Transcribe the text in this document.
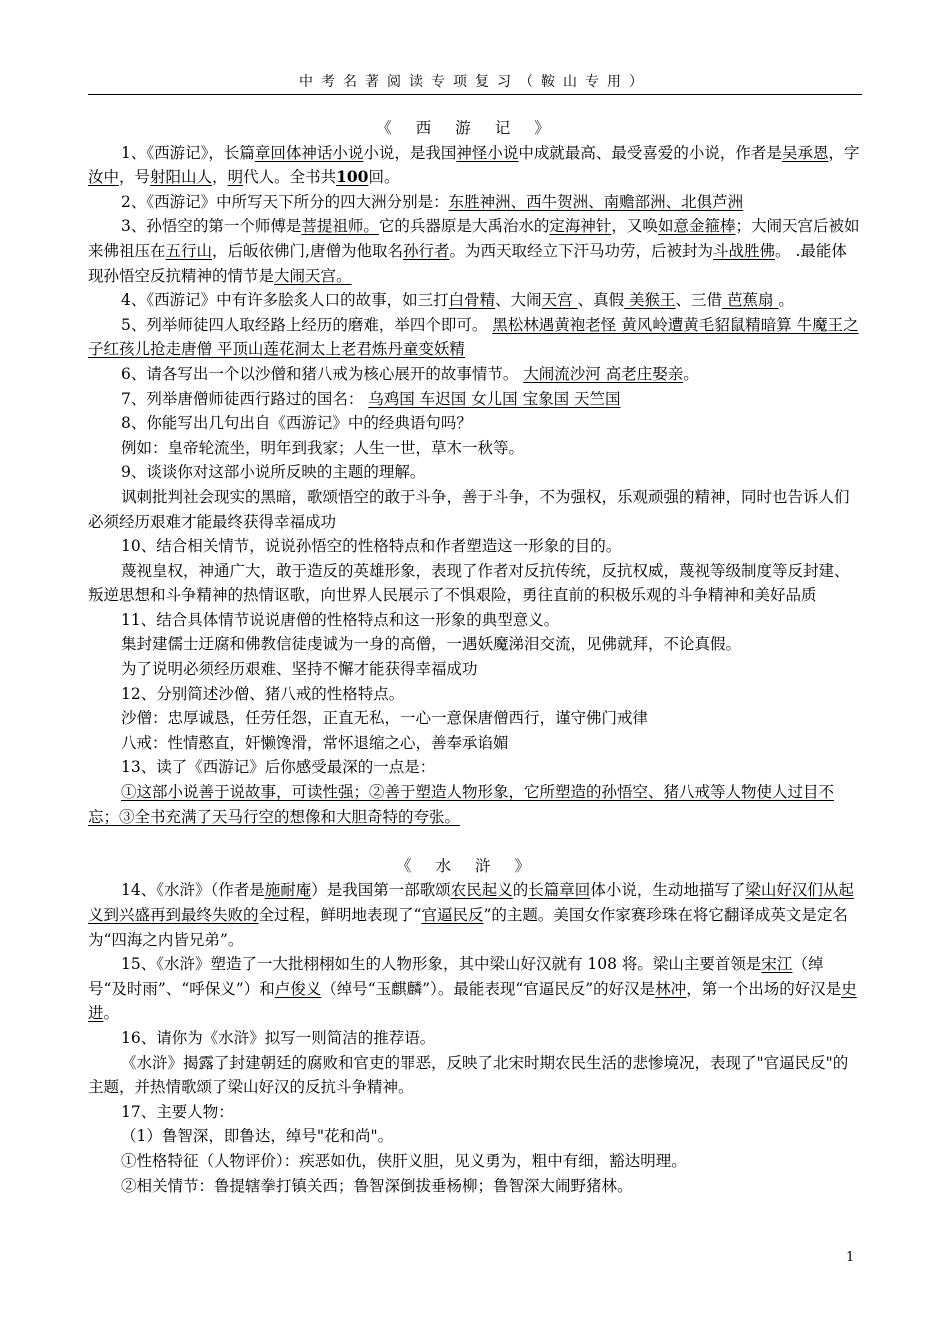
中考名著阅读专项复习（鞍山专用）

《西游记》

1、《西游记》，长篇章回体神话小说小说，是我国神怪小说中成就最高、最受喜爱的小说，作者是吴承恩，字汝中，号射阳山人，明代人。全书共100回。

2、《西游记》中所写天下所分的四大洲分别是：东胜神洲、西牛贺洲、南赡部洲、北俱芦洲

3、孙悟空的第一个师傅是菩提祖师。它的兵器原是大禹治水的定海神针，又唤如意金箍棒；大闹天宫后被如来佛祖压在五行山，后皈依佛门,唐僧为他取名孙行者。为西天取经立下汗马功劳，后被封为斗战胜佛。 .最能体现孙悟空反抗精神的情节是大闹天宫。

4、《西游记》中有许多脍炙人口的故事，如三打白骨精、大闹天宫 、真假 美猴王、三借 芭蕉扇 。

5、列举师徒四人取经路上经历的磨难，举四个即可。 黑松林遇黄袍老怪 黄风岭遭黄毛貂鼠精暗算 牛魔王之子红孩儿抢走唐僧 平顶山莲花洞太上老君炼丹童变妖精

6、请各写出一个以沙僧和猪八戒为核心展开的故事情节。 大闹流沙河 高老庄娶亲。

7、列举唐僧师徒西行路过的国名： 乌鸡国 车迟国 女儿国 宝象国 天竺国

8、你能写出几句出自《西游记》中的经典语句吗？

例如：皇帝轮流坐，明年到我家；人生一世，草木一秋等。

9、谈谈你对这部小说所反映的主题的理解。

讽刺批判社会现实的黑暗，歌颂悟空的敢于斗争，善于斗争，不为强权，乐观顽强的精神，同时也告诉人们必须经历艰难才能最终获得幸福成功

10、结合相关情节，说说孙悟空的性格特点和作者塑造这一形象的目的。

蔑视皇权，神通广大，敢于造反的英雄形象，表现了作者对反抗传统，反抗权威，蔑视等级制度等反封建、叛逆思想和斗争精神的热情讴歌，向世界人民展示了不惧艰险，勇往直前的积极乐观的斗争精神和美好品质

11、结合具体情节说说唐僧的性格特点和这一形象的典型意义。

集封建儒士迂腐和佛教信徒虔诚为一身的高僧，一遇妖魔涕泪交流，见佛就拜，不论真假。

为了说明必须经历艰难、坚持不懈才能获得幸福成功

12、分别简述沙僧、猪八戒的性格特点。

沙僧：忠厚诚恳，任劳任怨，正直无私，一心一意保唐僧西行，谨守佛门戒律

八戒：性情憨直，奸懒馋滑，常怀退缩之心，善奉承谄媚

13、读了《西游记》后你感受最深的一点是：

①这部小说善于说故事，可读性强；②善于塑造人物形象，它所塑造的孙悟空、猪八戒等人物使人过目不忘；③全书充满了天马行空的想像和大胆奇特的夸张。

《水浒》

14、《水浒》（作者是施耐庵）是我国第一部歌颂农民起义的长篇章回体小说，生动地描写了梁山好汉们从起义到兴盛再到最终失败的全过程，鲜明地表现了“官逼民反”的主题。美国女作家赛珍珠在将它翻译成英文是定名为“四海之内皆兄弟”。

15、《水浒》塑造了一大批栩栩如生的人物形象，其中梁山好汉就有 108 将。梁山主要首领是宋江（绰号“及时雨”、“呼保义”）和卢俊义（绰号“玉麒麟”）。最能表现“官逼民反”的好汉是林冲，第一个出场的好汉是史进。

16、请你为《水浒》拟写一则简洁的推荐语。

《水浒》揭露了封建朝廷的腐败和官吏的罪恶，反映了北宋时期农民生活的悲惨境况，表现了"官逼民反"的主题，并热情歌颂了梁山好汉的反抗斗争精神。

17、主要人物：

（1）鲁智深，即鲁达，绰号"花和尚"。

①性格特征（人物评价）：疾恶如仇，侠肝义胆，见义勇为，粗中有细，豁达明理。

②相关情节：鲁提辖拳打镇关西；鲁智深倒拔垂杨柳；鲁智深大闹野猪林。

1
